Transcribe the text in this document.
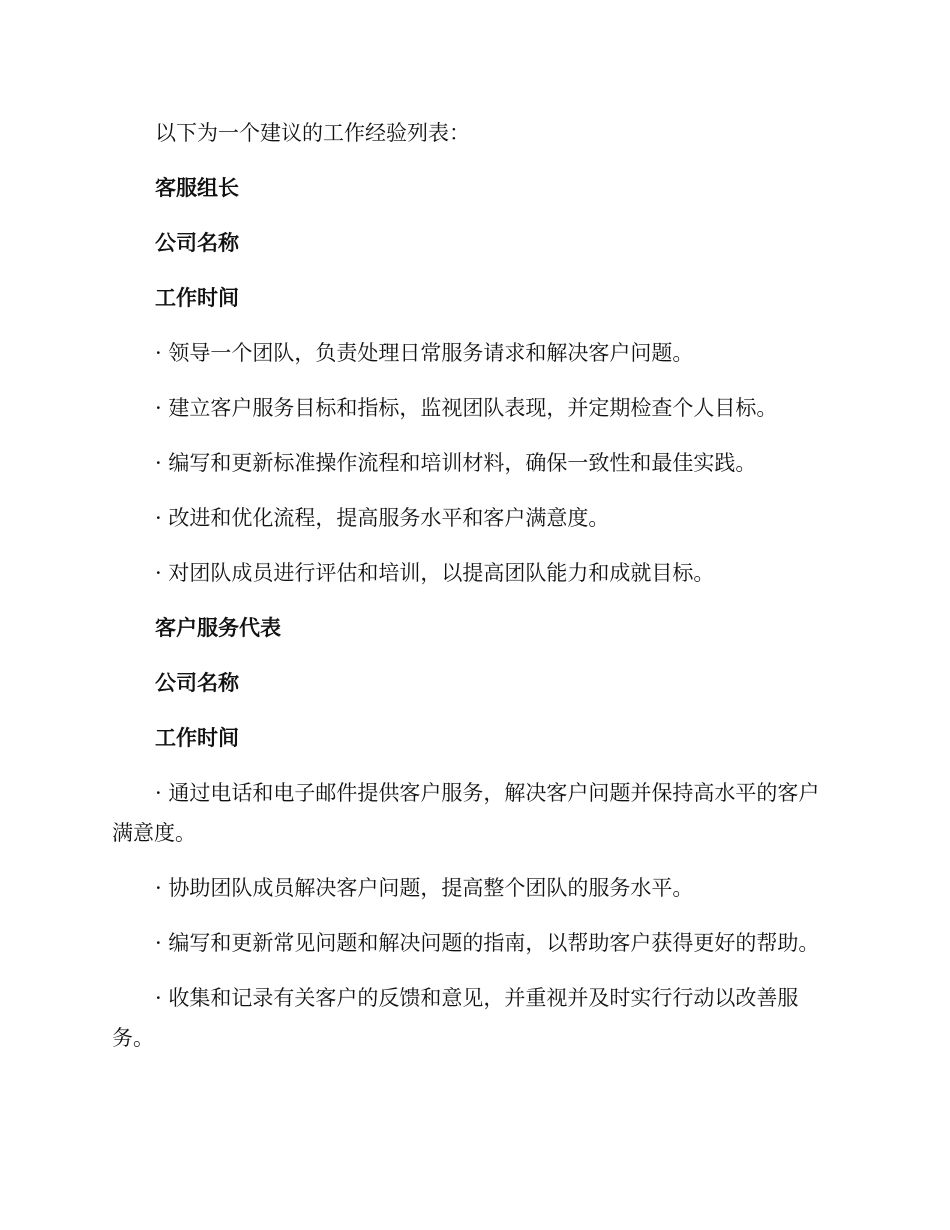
以下为一个建议的工作经验列表：

客服组长

公司名称

工作时间

· 领导一个团队，负责处理日常服务请求和解决客户问题。

· 建立客户服务目标和指标，监视团队表现，并定期检查个人目标。

· 编写和更新标准操作流程和培训材料，确保一致性和最佳实践。

· 改进和优化流程，提高服务水平和客户满意度。

· 对团队成员进行评估和培训，以提高团队能力和成就目标。

客户服务代表

公司名称

工作时间

· 通过电话和电子邮件提供客户服务，解决客户问题并保持高水平的客户满意度。

· 协助团队成员解决客户问题，提高整个团队的服务水平。

· 编写和更新常见问题和解决问题的指南，以帮助客户获得更好的帮助。

· 收集和记录有关客户的反馈和意见，并重视并及时实行行动以改善服务。
